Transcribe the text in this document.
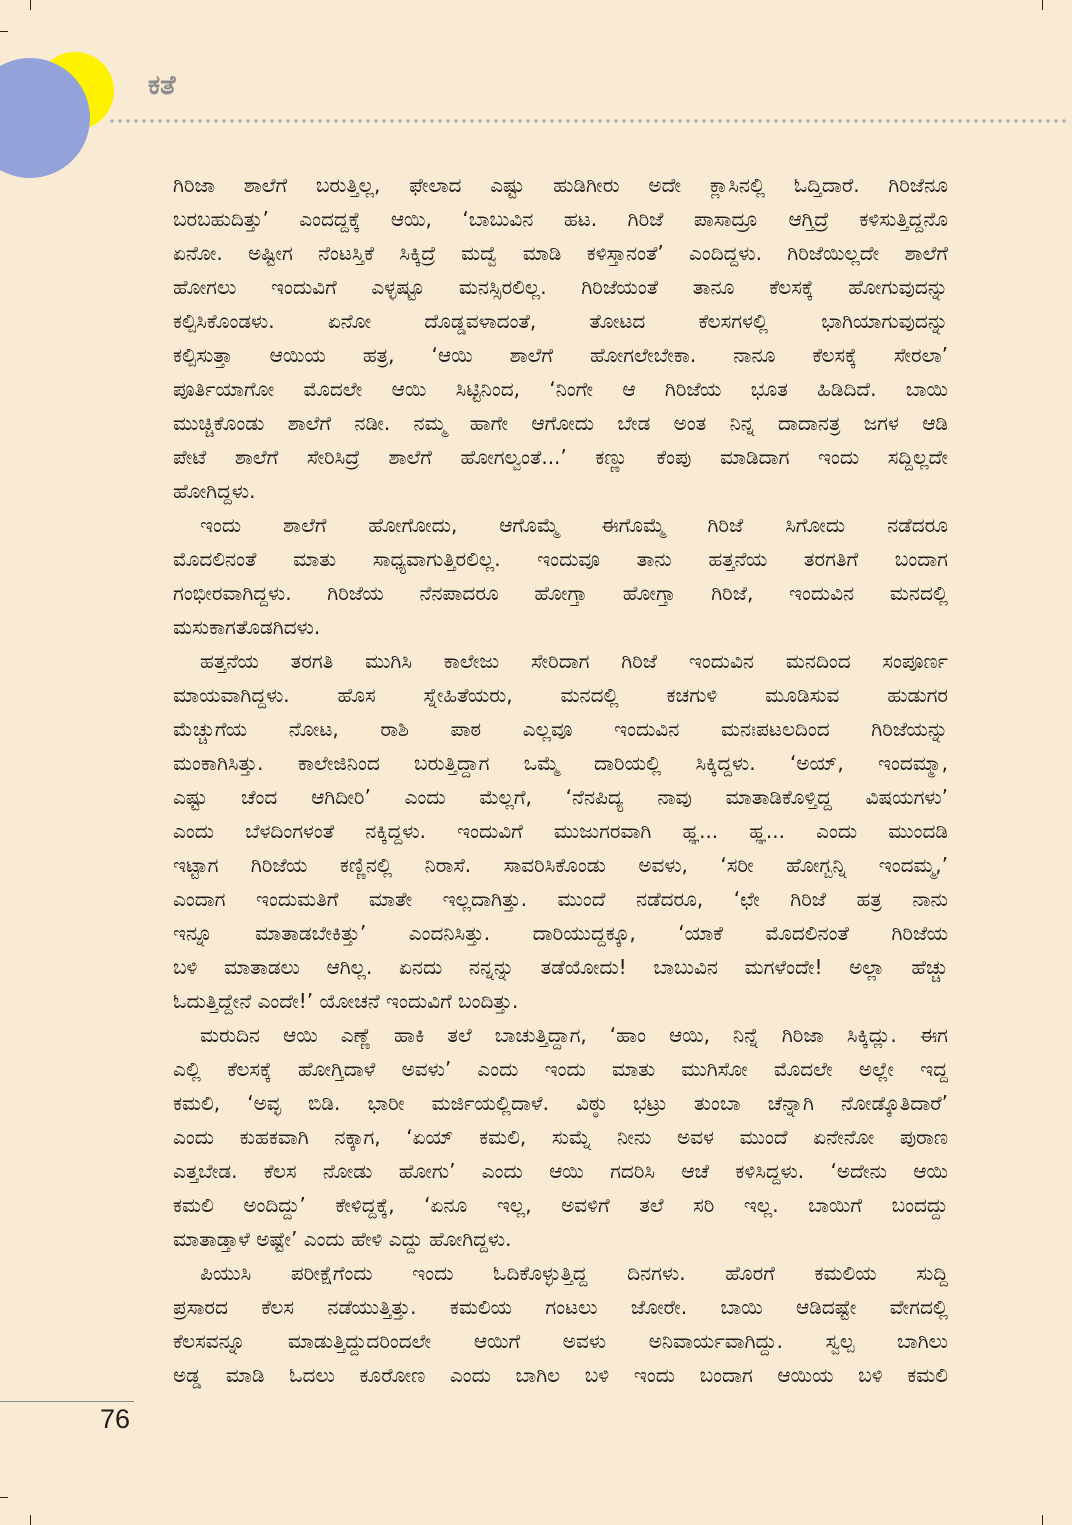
ಕತೆ
ಗಿರಿಜಾ ಶಾಲೆಗೆ ಬರುತ್ತಿಲ್ಲ, ಫೇಲಾದ ಎಷ್ಟು ಹುಡಿಗೀರು ಅದೇ ಕ್ಲಾಸಿನಲ್ಲಿ ಓದ್ತಿದಾರೆ. ಗಿರಿಜೆನೂ
ಬರಬಹುದಿತ್ತು’ ಎಂದದ್ದಕ್ಕೆ ಆಯಿ, ‘ಬಾಬುವಿನ ಹಟ. ಗಿರಿಜೆ ಪಾಸಾದ್ರೂ ಆಗ್ತಿದ್ರೆ ಕಳಿಸುತ್ತಿದ್ದನೊ
ಏನೋ. ಅಷ್ಟೀಗ ನೆಂಟಸ್ತಿಕೆ ಸಿಕ್ಕಿದ್ರೆ ಮದ್ವೆ ಮಾಡಿ ಕಳಿಸ್ತಾನಂತೆ’ ಎಂದಿದ್ದಳು. ಗಿರಿಜೆಯಿಲ್ಲದೇ ಶಾಲೆಗೆ
ಹೋಗಲು ಇಂದುವಿಗೆ ಎಳ್ಳಷ್ಟೂ ಮನಸ್ಸಿರಲಿಲ್ಲ. ಗಿರಿಜೆಯಂತೆ ತಾನೂ ಕೆಲಸಕ್ಕೆ ಹೋಗುವುದನ್ನು
ಕಲ್ಪಿಸಿಕೊಂಡಳು. ಏನೋ ದೊಡ್ಡವಳಾದಂತೆ, ತೋಟದ ಕೆಲಸಗಳಲ್ಲಿ ಭಾಗಿಯಾಗುವುದನ್ನು
ಕಲ್ಪಿಸುತ್ತಾ ಆಯಿಯ ಹತ್ರ, ‘ಆಯಿ ಶಾಲೆಗೆ ಹೋಗಲೇಬೇಕಾ. ನಾನೂ ಕೆಲಸಕ್ಕೆ ಸೇರಲಾ’
ಪೂರ್ತಿಯಾಗೋ ಮೊದಲೇ ಆಯಿ ಸಿಟ್ಟಿನಿಂದ, ‘ನಿಂಗೇ ಆ ಗಿರಿಜೆಯ ಭೂತ ಹಿಡಿದಿದೆ. ಬಾಯಿ
ಮುಚ್ಚಿಕೊಂಡು ಶಾಲೆಗೆ ನಡೀ. ನಮ್ಮ ಹಾಗೇ ಆಗೋದು ಬೇಡ ಅಂತ ನಿನ್ನ ದಾದಾನತ್ರ ಜಗಳ ಆಡಿ
ಪೇಟೆ ಶಾಲೆಗೆ ಸೇರಿಸಿದ್ರೆ ಶಾಲೆಗೆ ಹೋಗಲ್ವಂತೆ...’ ಕಣ್ಣು ಕೆಂಪು ಮಾಡಿದಾಗ ಇಂದು ಸದ್ದಿಲ್ಲದೇ
ಹೋಗಿದ್ದಳು.
ಇಂದು ಶಾಲೆಗೆ ಹೋಗೋದು, ಆಗೊಮ್ಮೆ ಈಗೊಮ್ಮೆ ಗಿರಿಜೆ ಸಿಗೋದು ನಡೆದರೂ
ಮೊದಲಿನಂತೆ ಮಾತು ಸಾಧ್ಯವಾಗುತ್ತಿರಲಿಲ್ಲ. ಇಂದುವೂ ತಾನು ಹತ್ತನೆಯ ತರಗತಿಗೆ ಬಂದಾಗ
ಗಂಭೀರವಾಗಿದ್ದಳು. ಗಿರಿಜೆಯ ನೆನಪಾದರೂ ಹೋಗ್ತಾ ಹೋಗ್ತಾ ಗಿರಿಜೆ, ಇಂದುವಿನ ಮನದಲ್ಲಿ
ಮಸುಕಾಗತೊಡಗಿದಳು.
ಹತ್ತನೆಯ ತರಗತಿ ಮುಗಿಸಿ ಕಾಲೇಜು ಸೇರಿದಾಗ ಗಿರಿಜೆ ಇಂದುವಿನ ಮನದಿಂದ ಸಂಪೂರ್ಣ
ಮಾಯವಾಗಿದ್ದಳು. ಹೊಸ ಸ್ನೇಹಿತೆಯರು, ಮನದಲ್ಲಿ ಕಚಗುಳಿ ಮೂಡಿಸುವ ಹುಡುಗರ
ಮೆಚ್ಚುಗೆಯ ನೋಟ, ರಾಶಿ ಪಾಠ ಎಲ್ಲವೂ ಇಂದುವಿನ ಮನಃಪಟಲದಿಂದ ಗಿರಿಜೆಯನ್ನು
ಮಂಕಾಗಿಸಿತ್ತು. ಕಾಲೇಜಿನಿಂದ ಬರುತ್ತಿದ್ದಾಗ ಒಮ್ಮೆ ದಾರಿಯಲ್ಲಿ ಸಿಕ್ಕಿದ್ದಳು. ‘ಅಯ್, ಇಂದಮ್ಮಾ,
ಎಷ್ಟು ಚೆಂದ ಆಗಿದೀರಿ’ ಎಂದು ಮೆಲ್ಲಗೆ, ‘ನೆನಪಿದ್ಯ ನಾವು ಮಾತಾಡಿಕೊಳ್ತಿದ್ದ ವಿಷಯಗಳು’
ಎಂದು ಬೆಳದಿಂಗಳಂತೆ ನಕ್ಕಿದ್ದಳು. ಇಂದುವಿಗೆ ಮುಜುಗರವಾಗಿ ಹ್ಞ... ಹ್ಞ... ಎಂದು ಮುಂದಡಿ
ಇಟ್ಟಾಗ ಗಿರಿಜೆಯ ಕಣ್ಣಿನಲ್ಲಿ ನಿರಾಸೆ. ಸಾವರಿಸಿಕೊಂಡು ಅವಳು, ‘ಸರೀ ಹೋಗ್ಬನ್ನಿ ಇಂದಮ್ಮ,’
ಎಂದಾಗ ಇಂದುಮತಿಗೆ ಮಾತೇ ಇಲ್ಲದಾಗಿತ್ತು. ಮುಂದೆ ನಡೆದರೂ, ‘ಛೇ ಗಿರಿಜೆ ಹತ್ರ ನಾನು
ಇನ್ನೂ ಮಾತಾಡಬೇಕಿತ್ತು’ ಎಂದನಿಸಿತ್ತು. ದಾರಿಯುದ್ದಕ್ಕೂ, ‘ಯಾಕೆ ಮೊದಲಿನಂತೆ ಗಿರಿಜೆಯ
ಬಳಿ ಮಾತಾಡಲು ಆಗಿಲ್ಲ. ಏನದು ನನ್ನನ್ನು ತಡೆಯೋದು! ಬಾಬುವಿನ ಮಗಳೆಂದೇ! ಅಲ್ಲಾ ಹೆಚ್ಚು
ಓದುತ್ತಿದ್ದೇನೆ ಎಂದೇ!’ ಯೋಚನೆ ಇಂದುವಿಗೆ ಬಂದಿತ್ತು.
ಮರುದಿನ ಆಯಿ ಎಣ್ಣೆ ಹಾಕಿ ತಲೆ ಬಾಚುತ್ತಿದ್ದಾಗ, ‘ಹಾಂ ಆಯಿ, ನಿನ್ನೆ ಗಿರಿಜಾ ಸಿಕ್ಕಿದ್ಲು. ಈಗ
ಎಲ್ಲಿ ಕೆಲಸಕ್ಕೆ ಹೋಗ್ತಿದಾಳೆ ಅವಳು’ ಎಂದು ಇಂದು ಮಾತು ಮುಗಿಸೋ ಮೊದಲೇ ಅಲ್ಲೇ ಇದ್ದ
ಕಮಲಿ, ‘ಅವ್ಳ ಬಿಡಿ. ಭಾರೀ ಮರ್ಜಿಯಲ್ಲಿದಾಳೆ. ವಿಠ್ಠು ಭಟ್ರು ತುಂಬಾ ಚೆನ್ನಾಗಿ ನೋಡ್ಕೊತಿದಾರೆ’
ಎಂದು ಕುಹಕವಾಗಿ ನಕ್ಕಾಗ, ‘ಏಯ್ ಕಮಲಿ, ಸುಮ್ನೆ ನೀನು ಅವಳ ಮುಂದೆ ಏನೇನೋ ಪುರಾಣ
ಎತ್ತಬೇಡ. ಕೆಲಸ ನೋಡು ಹೋಗು’ ಎಂದು ಆಯಿ ಗದರಿಸಿ ಆಚೆ ಕಳಿಸಿದ್ದಳು. ‘ಅದೇನು ಆಯಿ
ಕಮಲಿ ಅಂದಿದ್ದು’ ಕೇಳಿದ್ದಕ್ಕೆ, ‘ಏನೂ ಇಲ್ಲ, ಅವಳಿಗೆ ತಲೆ ಸರಿ ಇಲ್ಲ. ಬಾಯಿಗೆ ಬಂದದ್ದು
ಮಾತಾಡ್ತಾಳೆ ಅಷ್ಟೇ’ ಎಂದು ಹೇಳಿ ಎದ್ದು ಹೋಗಿದ್ದಳು.
ಪಿಯುಸಿ ಪರೀಕ್ಷೆಗೆಂದು ಇಂದು ಓದಿಕೊಳ್ಳುತ್ತಿದ್ದ ದಿನಗಳು. ಹೊರಗೆ ಕಮಲಿಯ ಸುದ್ದಿ
ಪ್ರಸಾರದ ಕೆಲಸ ನಡೆಯುತ್ತಿತ್ತು. ಕಮಲಿಯ ಗಂಟಲು ಜೋರೇ. ಬಾಯಿ ಆಡಿದಷ್ಟೇ ವೇಗದಲ್ಲಿ
ಕೆಲಸವನ್ನೂ ಮಾಡುತ್ತಿದ್ದುದರಿಂದಲೇ ಆಯಿಗೆ ಅವಳು ಅನಿವಾರ್ಯವಾಗಿದ್ದು. ಸ್ವಲ್ಪ ಬಾಗಿಲು
ಅಡ್ಡ ಮಾಡಿ ಓದಲು ಕೂರೋಣ ಎಂದು ಬಾಗಿಲ ಬಳಿ ಇಂದು ಬಂದಾಗ ಆಯಿಯ ಬಳಿ ಕಮಲಿ
76
